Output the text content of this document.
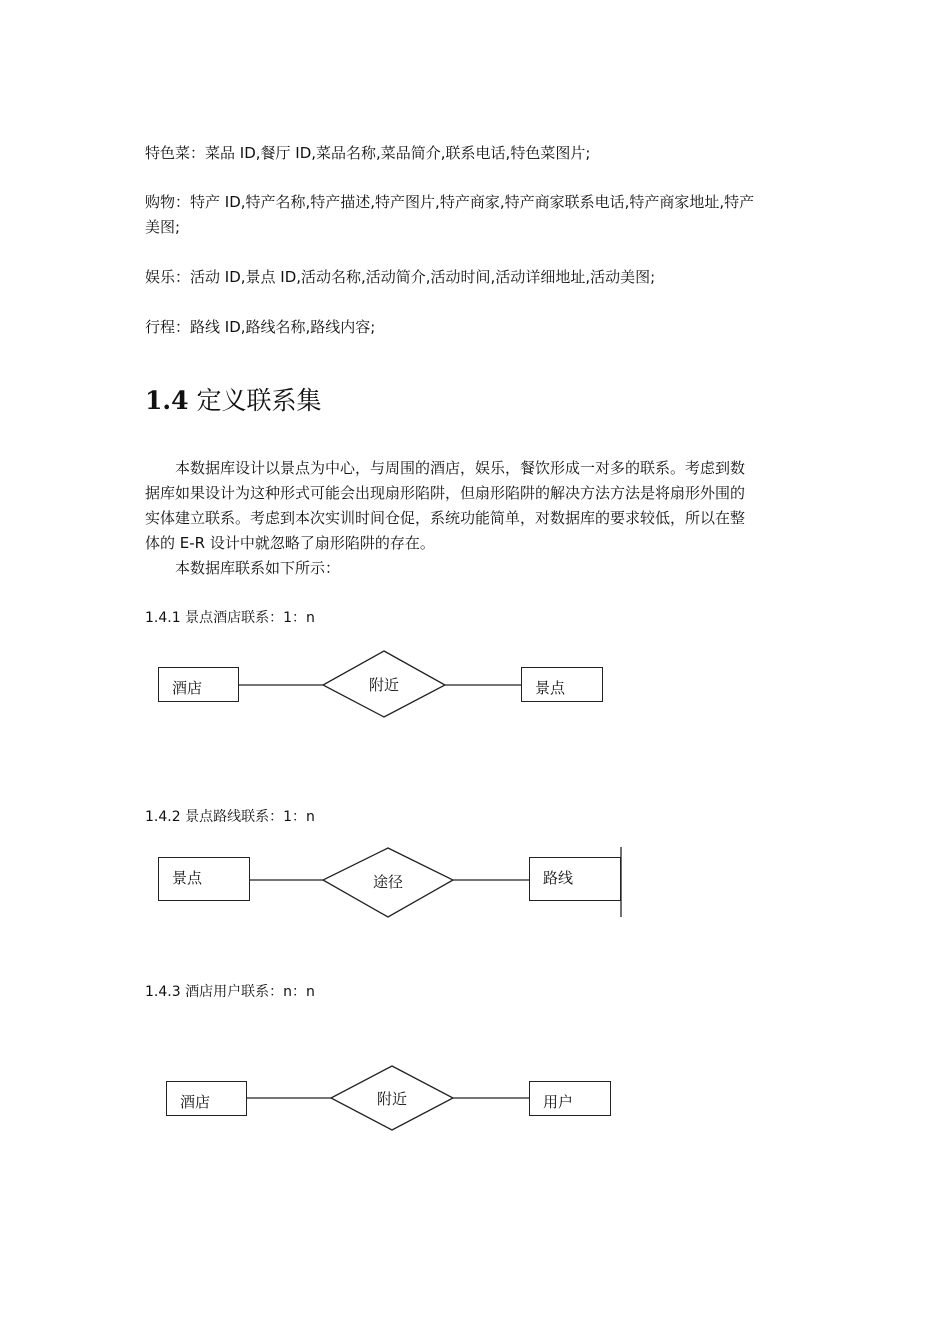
特色菜：菜品 ID,餐厅 ID,菜品名称,菜品简介,联系电话,特色菜图片;

购物：特产 ID,特产名称,特产描述,特产图片,特产商家,特产商家联系电话,特产商家地址,特产

美图;

娱乐：活动 ID,景点 ID,活动名称,活动简介,活动时间,活动详细地址,活动美图;

行程：路线 ID,路线名称,路线内容;

1.4 定义联系集

本数据库设计以景点为中心，与周围的酒店，娱乐，餐饮形成一对多的联系。考虑到数

据库如果设计为这种形式可能会出现扇形陷阱，但扇形陷阱的解决方法方法是将扇形外围的

实体建立联系。考虑到本次实训时间仓促，系统功能简单，对数据库的要求较低，所以在整

体的 E-R 设计中就忽略了扇形陷阱的存在。

本数据库联系如下所示：

1.4.1 景点酒店联系：1：n

酒店	附近	景点

1.4.2 景点路线联系：1：n

景点	途径	路线

1.4.3 酒店用户联系：n：n

酒店	附近	用户
